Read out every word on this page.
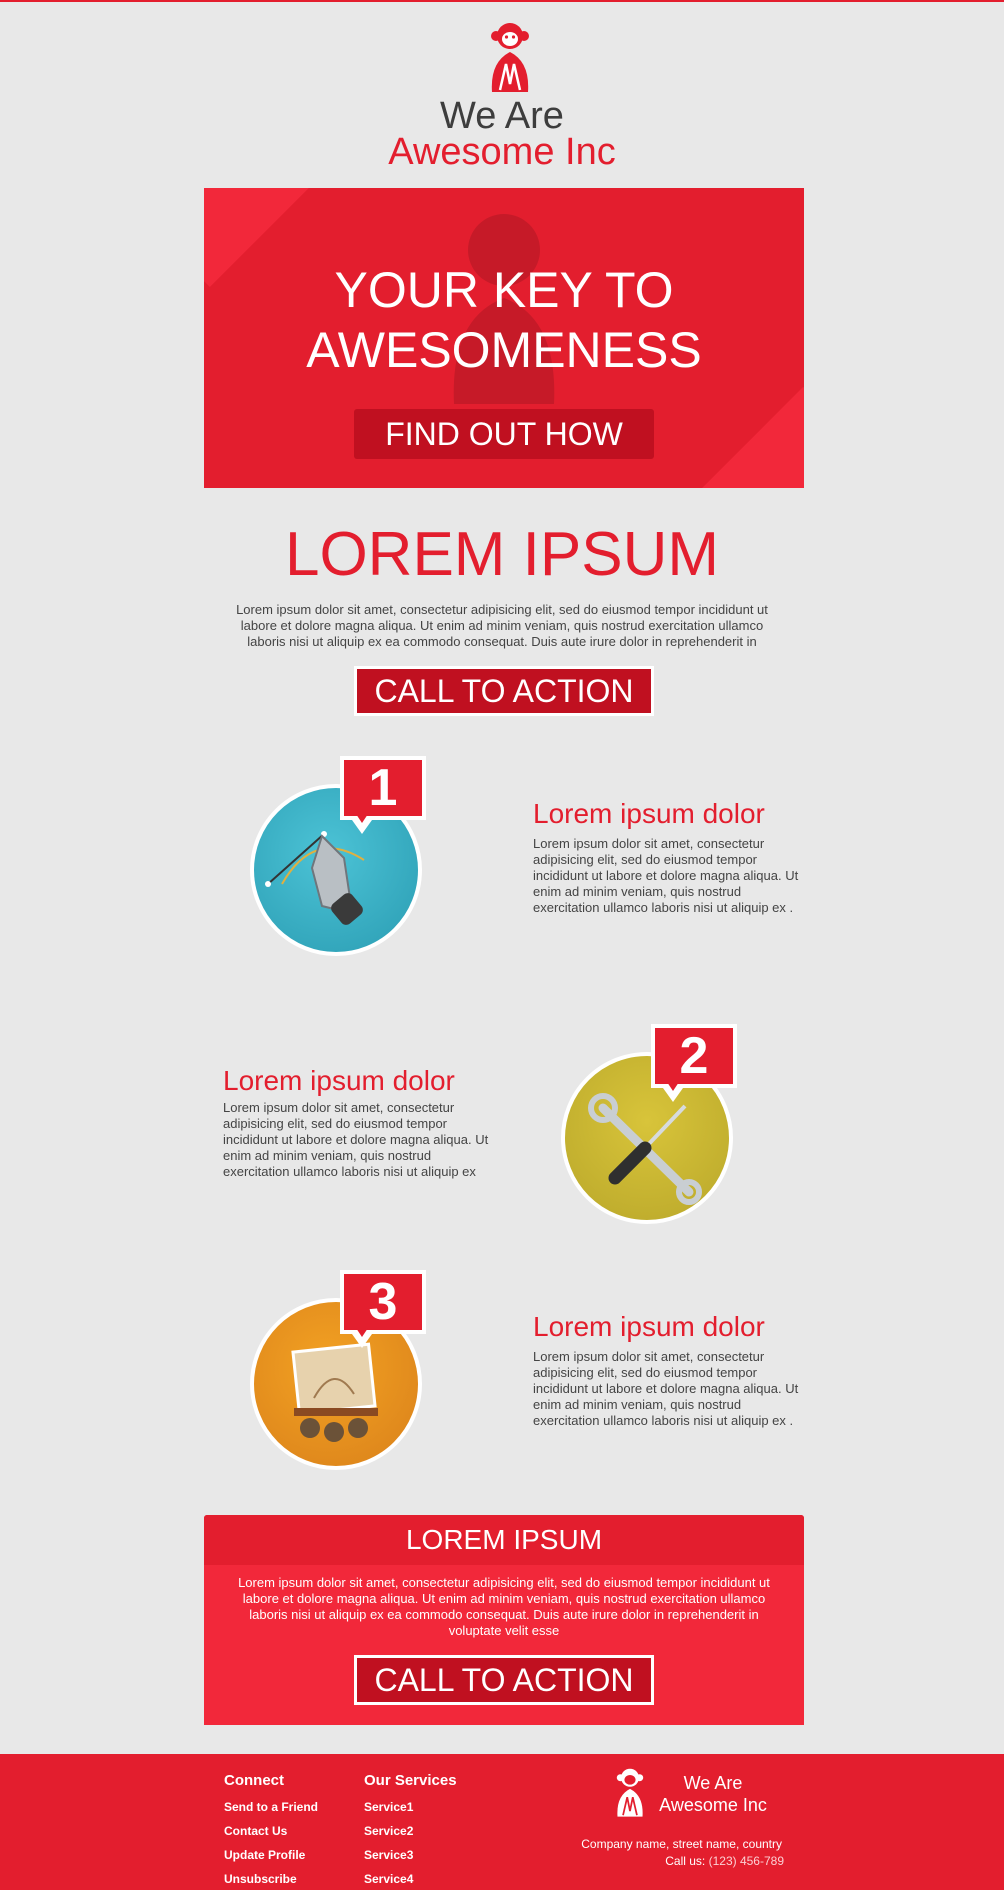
We Are
Awesome Inc
YOUR KEY TO
AWESOMENESS
FIND OUT HOW
LOREM IPSUM
Lorem ipsum dolor sit amet, consectetur adipisicing elit, sed do eiusmod tempor incididunt ut labore et dolore magna aliqua. Ut enim ad minim veniam, quis nostrud exercitation ullamco laboris nisi ut aliquip ex ea commodo consequat. Duis aute irure dolor in reprehenderit in
CALL TO ACTION
1	Lorem ipsum dolor
Lorem ipsum dolor sit amet, consectetur adipisicing elit, sed do eiusmod tempor incididunt ut labore et dolore magna aliqua. Ut enim ad minim veniam, quis nostrud exercitation ullamco laboris nisi ut aliquip ex .
2
Lorem ipsum dolor
Lorem ipsum dolor sit amet, consectetur adipisicing elit, sed do eiusmod tempor incididunt ut labore et dolore magna aliqua. Ut enim ad minim veniam, quis nostrud exercitation ullamco laboris nisi ut aliquip ex
3	Lorem ipsum dolor
Lorem ipsum dolor sit amet, consectetur adipisicing elit, sed do eiusmod tempor incididunt ut labore et dolore magna aliqua. Ut enim ad minim veniam, quis nostrud exercitation ullamco laboris nisi ut aliquip ex .
LOREM IPSUM
Lorem ipsum dolor sit amet, consectetur adipisicing elit, sed do eiusmod tempor incididunt ut labore et dolore magna aliqua. Ut enim ad minim veniam, quis nostrud exercitation ullamco laboris nisi ut aliquip ex ea commodo consequat. Duis aute irure dolor in reprehenderit in voluptate velit esse
CALL TO ACTION
Connect
Send to a Friend
Contact Us
Update Profile
Unsubscribe
Our Services
Service1
Service2
Service3
Service4
We Are
Awesome Inc
Company name, street name, country
Call us: (123) 456-789
